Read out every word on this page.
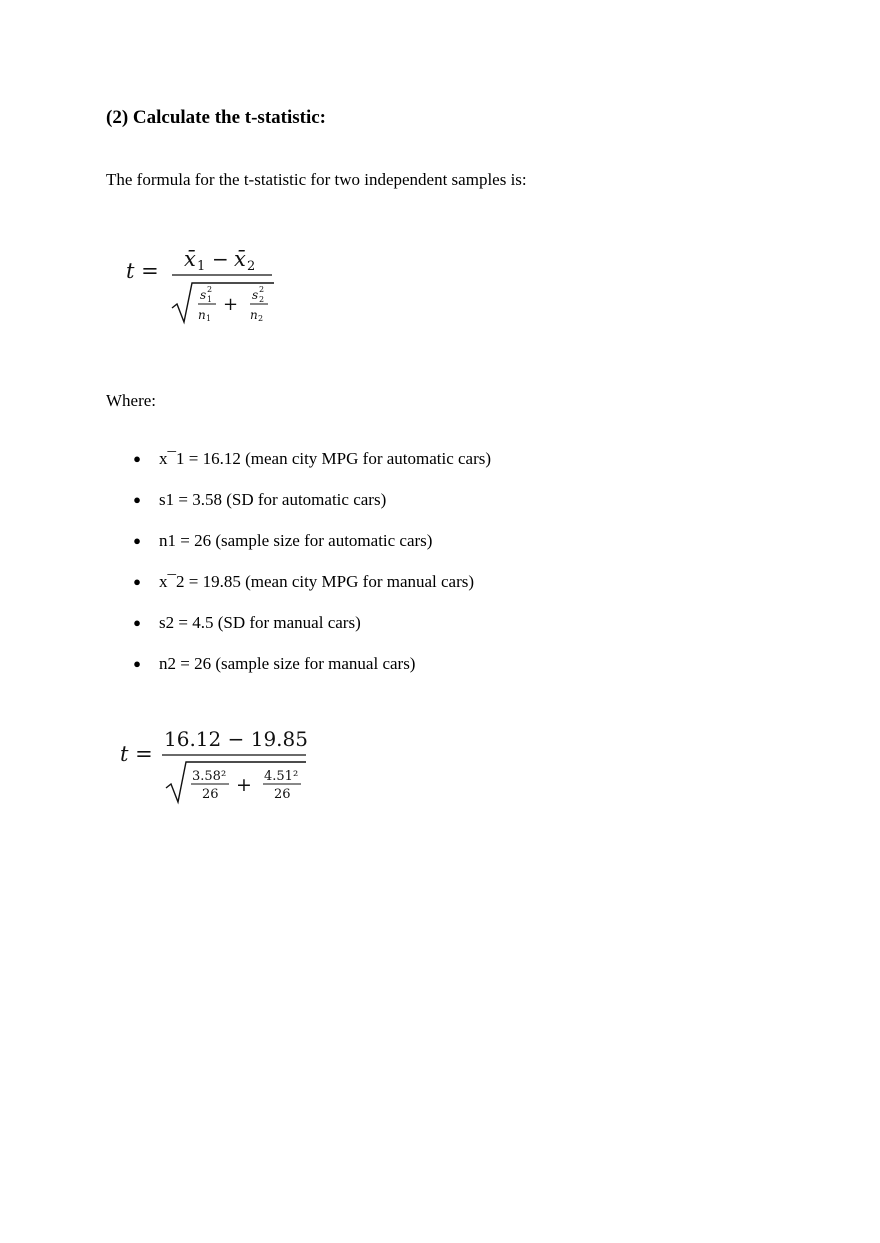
(2) Calculate the t-statistic:
The formula for the t-statistic for two independent samples is:
t = x̄ 1 − x̄ 2
s 2
1
n 1
+ s 2
2
n 2
Where:
● x¯1 = 16.12 (mean city MPG for automatic cars)
● s1 = 3.58 (SD for automatic cars)
● n1 = 26 (sample size for automatic cars)
● x¯2 = 19.85 (mean city MPG for manual cars)
● s2 = 4.5 (SD for manual cars)
● n2 = 26 (sample size for manual cars)
t =
16.12 − 19.85
3.58²
26 + 4.51²
26
